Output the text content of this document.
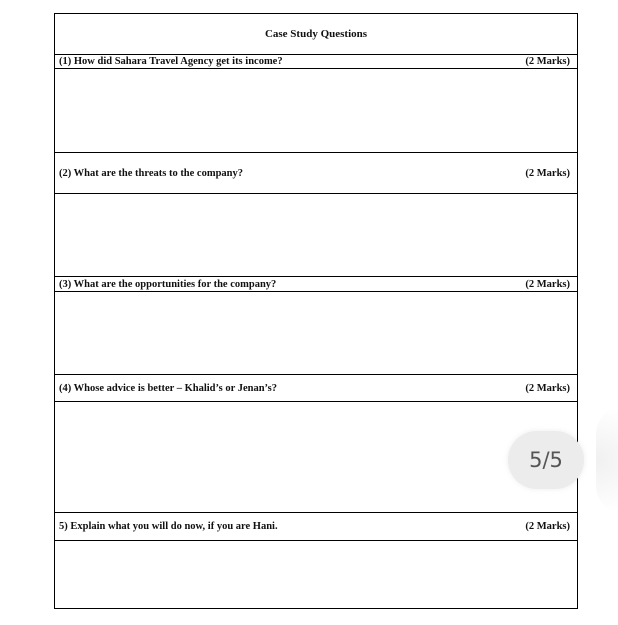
Case Study Questions
(1) How did Sahara Travel Agency get its income?	(2 Marks)
(2) What are the threats to the company?	(2 Marks)
(3) What are the opportunities for the company?	(2 Marks)
(4) Whose advice is better – Khalid’s or Jenan’s?	(2 Marks)
5) Explain what you will do now, if you are Hani.	(2 Marks)
5/5
